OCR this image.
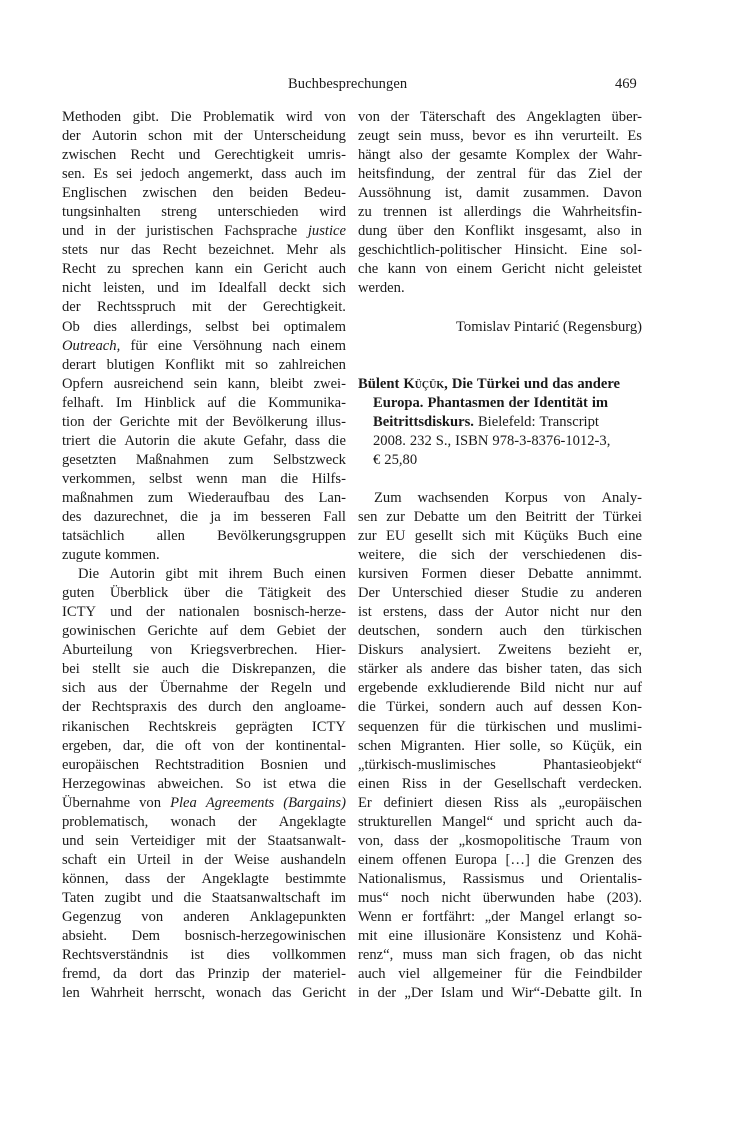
Buchbesprechungen	469
Methoden gibt. Die Problematik wird von
der Autorin schon mit der Unterscheidung
zwischen Recht und Gerechtigkeit umris-
sen. Es sei jedoch angemerkt, dass auch im
Englischen zwischen den beiden Bedeu-
tungsinhalten streng unterschieden wird
und in der juristischen Fachsprache justice
stets nur das Recht bezeichnet. Mehr als
Recht zu sprechen kann ein Gericht auch
nicht leisten, und im Idealfall deckt sich
der Rechtsspruch mit der Gerechtigkeit.
Ob dies allerdings, selbst bei optimalem
Outreach, für eine Versöhnung nach einem
derart blutigen Konflikt mit so zahlreichen
Opfern ausreichend sein kann, bleibt zwei-
felhaft. Im Hinblick auf die Kommunika-
tion der Gerichte mit der Bevölkerung illus-
triert die Autorin die akute Gefahr, dass die
gesetzten Maßnahmen zum Selbstzweck
verkommen, selbst wenn man die Hilfs-
maßnahmen zum Wiederaufbau des Lan-
des dazurechnet, die ja im besseren Fall
tatsächlich allen Bevölkerungsgruppen
zugute kommen.
Die Autorin gibt mit ihrem Buch einen
guten Überblick über die Tätigkeit des
ICTY und der nationalen bosnisch-herze-
gowinischen Gerichte auf dem Gebiet der
Aburteilung von Kriegsverbrechen. Hier-
bei stellt sie auch die Diskrepanzen, die
sich aus der Übernahme der Regeln und
der Rechtspraxis des durch den angloame-
rikanischen Rechtskreis geprägten ICTY
ergeben, dar, die oft von der kontinental-
europäischen Rechtstradition Bosnien und
Herzegowinas abweichen. So ist etwa die
Übernahme von Plea Agreements (Bargains)
problematisch, wonach der Angeklagte
und sein Verteidiger mit der Staatsanwalt-
schaft ein Urteil in der Weise aushandeln
können, dass der Angeklagte bestimmte
Taten zugibt und die Staatsanwaltschaft im
Gegenzug von anderen Anklagepunkten
absieht. Dem bosnisch-herzegowinischen
Rechtsverständnis ist dies vollkommen
fremd, da dort das Prinzip der materiel-
len Wahrheit herrscht, wonach das Gericht
von der Täterschaft des Angeklagten über-
zeugt sein muss, bevor es ihn verurteilt. Es
hängt also der gesamte Komplex der Wahr-
heitsfindung, der zentral für das Ziel der
Aussöhnung ist, damit zusammen. Davon
zu trennen ist allerdings die Wahrheitsfin-
dung über den Konflikt insgesamt, also in
geschichtlich-politischer Hinsicht. Eine sol-
che kann von einem Gericht nicht geleistet
werden.
Tomislav Pintarić (Regensburg)
Bülent Küçük, Die Türkei und das andere
Europa. Phantasmen der Identität im
Beitrittsdiskurs. Bielefeld: Transcript
2008. 232 S., ISBN 978-3-8376-1012-3,
€ 25,80
Zum wachsenden Korpus von Analy-
sen zur Debatte um den Beitritt der Türkei
zur EU gesellt sich mit Küçüks Buch eine
weitere, die sich der verschiedenen dis-
kursiven Formen dieser Debatte annimmt.
Der Unterschied dieser Studie zu anderen
ist erstens, dass der Autor nicht nur den
deutschen, sondern auch den türkischen
Diskurs analysiert. Zweitens bezieht er,
stärker als andere das bisher taten, das sich
ergebende exkludierende Bild nicht nur auf
die Türkei, sondern auch auf dessen Kon-
sequenzen für die türkischen und muslimi-
schen Migranten. Hier solle, so Küçük, ein
„türkisch-muslimisches	Phantasieobjekt“
einen Riss in der Gesellschaft verdecken.
Er definiert diesen Riss als „europäischen
strukturellen Mangel“ und spricht auch da-
von, dass der „kosmopolitische Traum von
einem offenen Europa […] die Grenzen des
Nationalismus, Rassismus und Orientalis-
mus“ noch nicht überwunden habe (203).
Wenn er fortfährt: „der Mangel erlangt so-
mit eine illusionäre Konsistenz und Kohä-
renz“, muss man sich fragen, ob das nicht
auch viel allgemeiner für die Feindbilder
in der „Der Islam und Wir“-Debatte gilt. In
